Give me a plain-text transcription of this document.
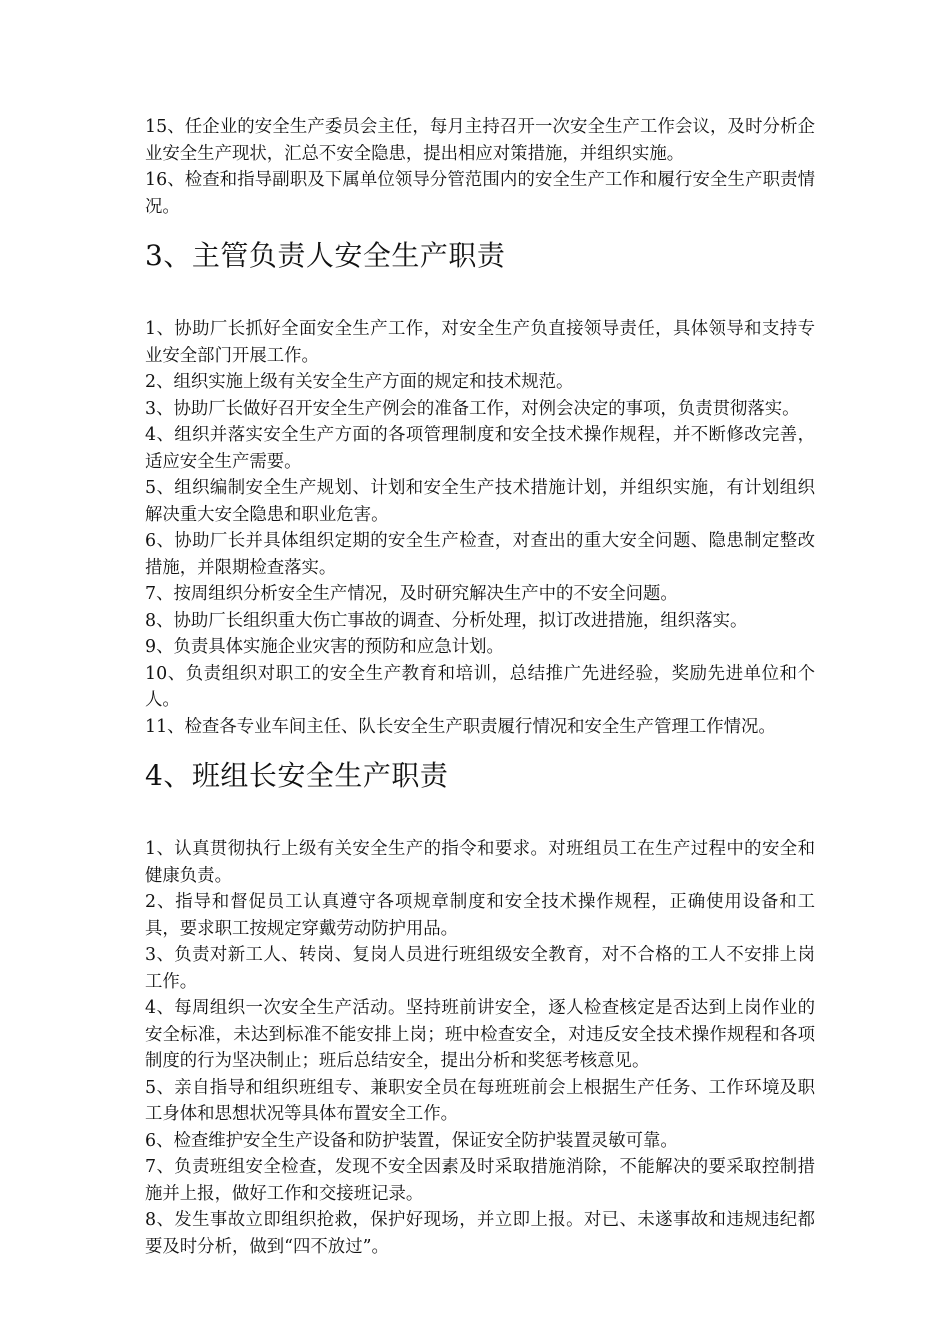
15、任企业的安全生产委员会主任，每月主持召开一次安全生产工作会议，及时分析企业安全生产现状，汇总不安全隐患，提出相应对策措施，并组织实施。

16、检查和指导副职及下属单位领导分管范围内的安全生产工作和履行安全生产职责情况。

3、主管负责人安全生产职责

1、协助厂长抓好全面安全生产工作，对安全生产负直接领导责任，具体领导和支持专业安全部门开展工作。

2、组织实施上级有关安全生产方面的规定和技术规范。

3、协助厂长做好召开安全生产例会的准备工作，对例会决定的事项，负责贯彻落实。

4、组织并落实安全生产方面的各项管理制度和安全技术操作规程，并不断修改完善，适应安全生产需要。

5、组织编制安全生产规划、计划和安全生产技术措施计划，并组织实施，有计划组织解决重大安全隐患和职业危害。

6、协助厂长并具体组织定期的安全生产检查，对查出的重大安全问题、隐患制定整改措施，并限期检查落实。

7、按周组织分析安全生产情况，及时研究解决生产中的不安全问题。

8、协助厂长组织重大伤亡事故的调查、分析处理，拟订改进措施，组织落实。

9、负责具体实施企业灾害的预防和应急计划。

10、负责组织对职工的安全生产教育和培训，总结推广先进经验，奖励先进单位和个人。

11、检查各专业车间主任、队长安全生产职责履行情况和安全生产管理工作情况。

4、班组长安全生产职责

1、认真贯彻执行上级有关安全生产的指令和要求。对班组员工在生产过程中的安全和健康负责。

2、指导和督促员工认真遵守各项规章制度和安全技术操作规程，正确使用设备和工具，要求职工按规定穿戴劳动防护用品。

3、负责对新工人、转岗、复岗人员进行班组级安全教育，对不合格的工人不安排上岗工作。

4、每周组织一次安全生产活动。坚持班前讲安全，逐人检查核定是否达到上岗作业的安全标准，未达到标准不能安排上岗；班中检查安全，对违反安全技术操作规程和各项制度的行为坚决制止；班后总结安全，提出分析和奖惩考核意见。

5、亲自指导和组织班组专、兼职安全员在每班班前会上根据生产任务、工作环境及职工身体和思想状况等具体布置安全工作。

6、检查维护安全生产设备和防护装置，保证安全防护装置灵敏可靠。

7、负责班组安全检查，发现不安全因素及时采取措施消除，不能解决的要采取控制措施并上报，做好工作和交接班记录。

8、发生事故立即组织抢救，保护好现场，并立即上报。对已、未遂事故和违规违纪都要及时分析，做到“四不放过”。
